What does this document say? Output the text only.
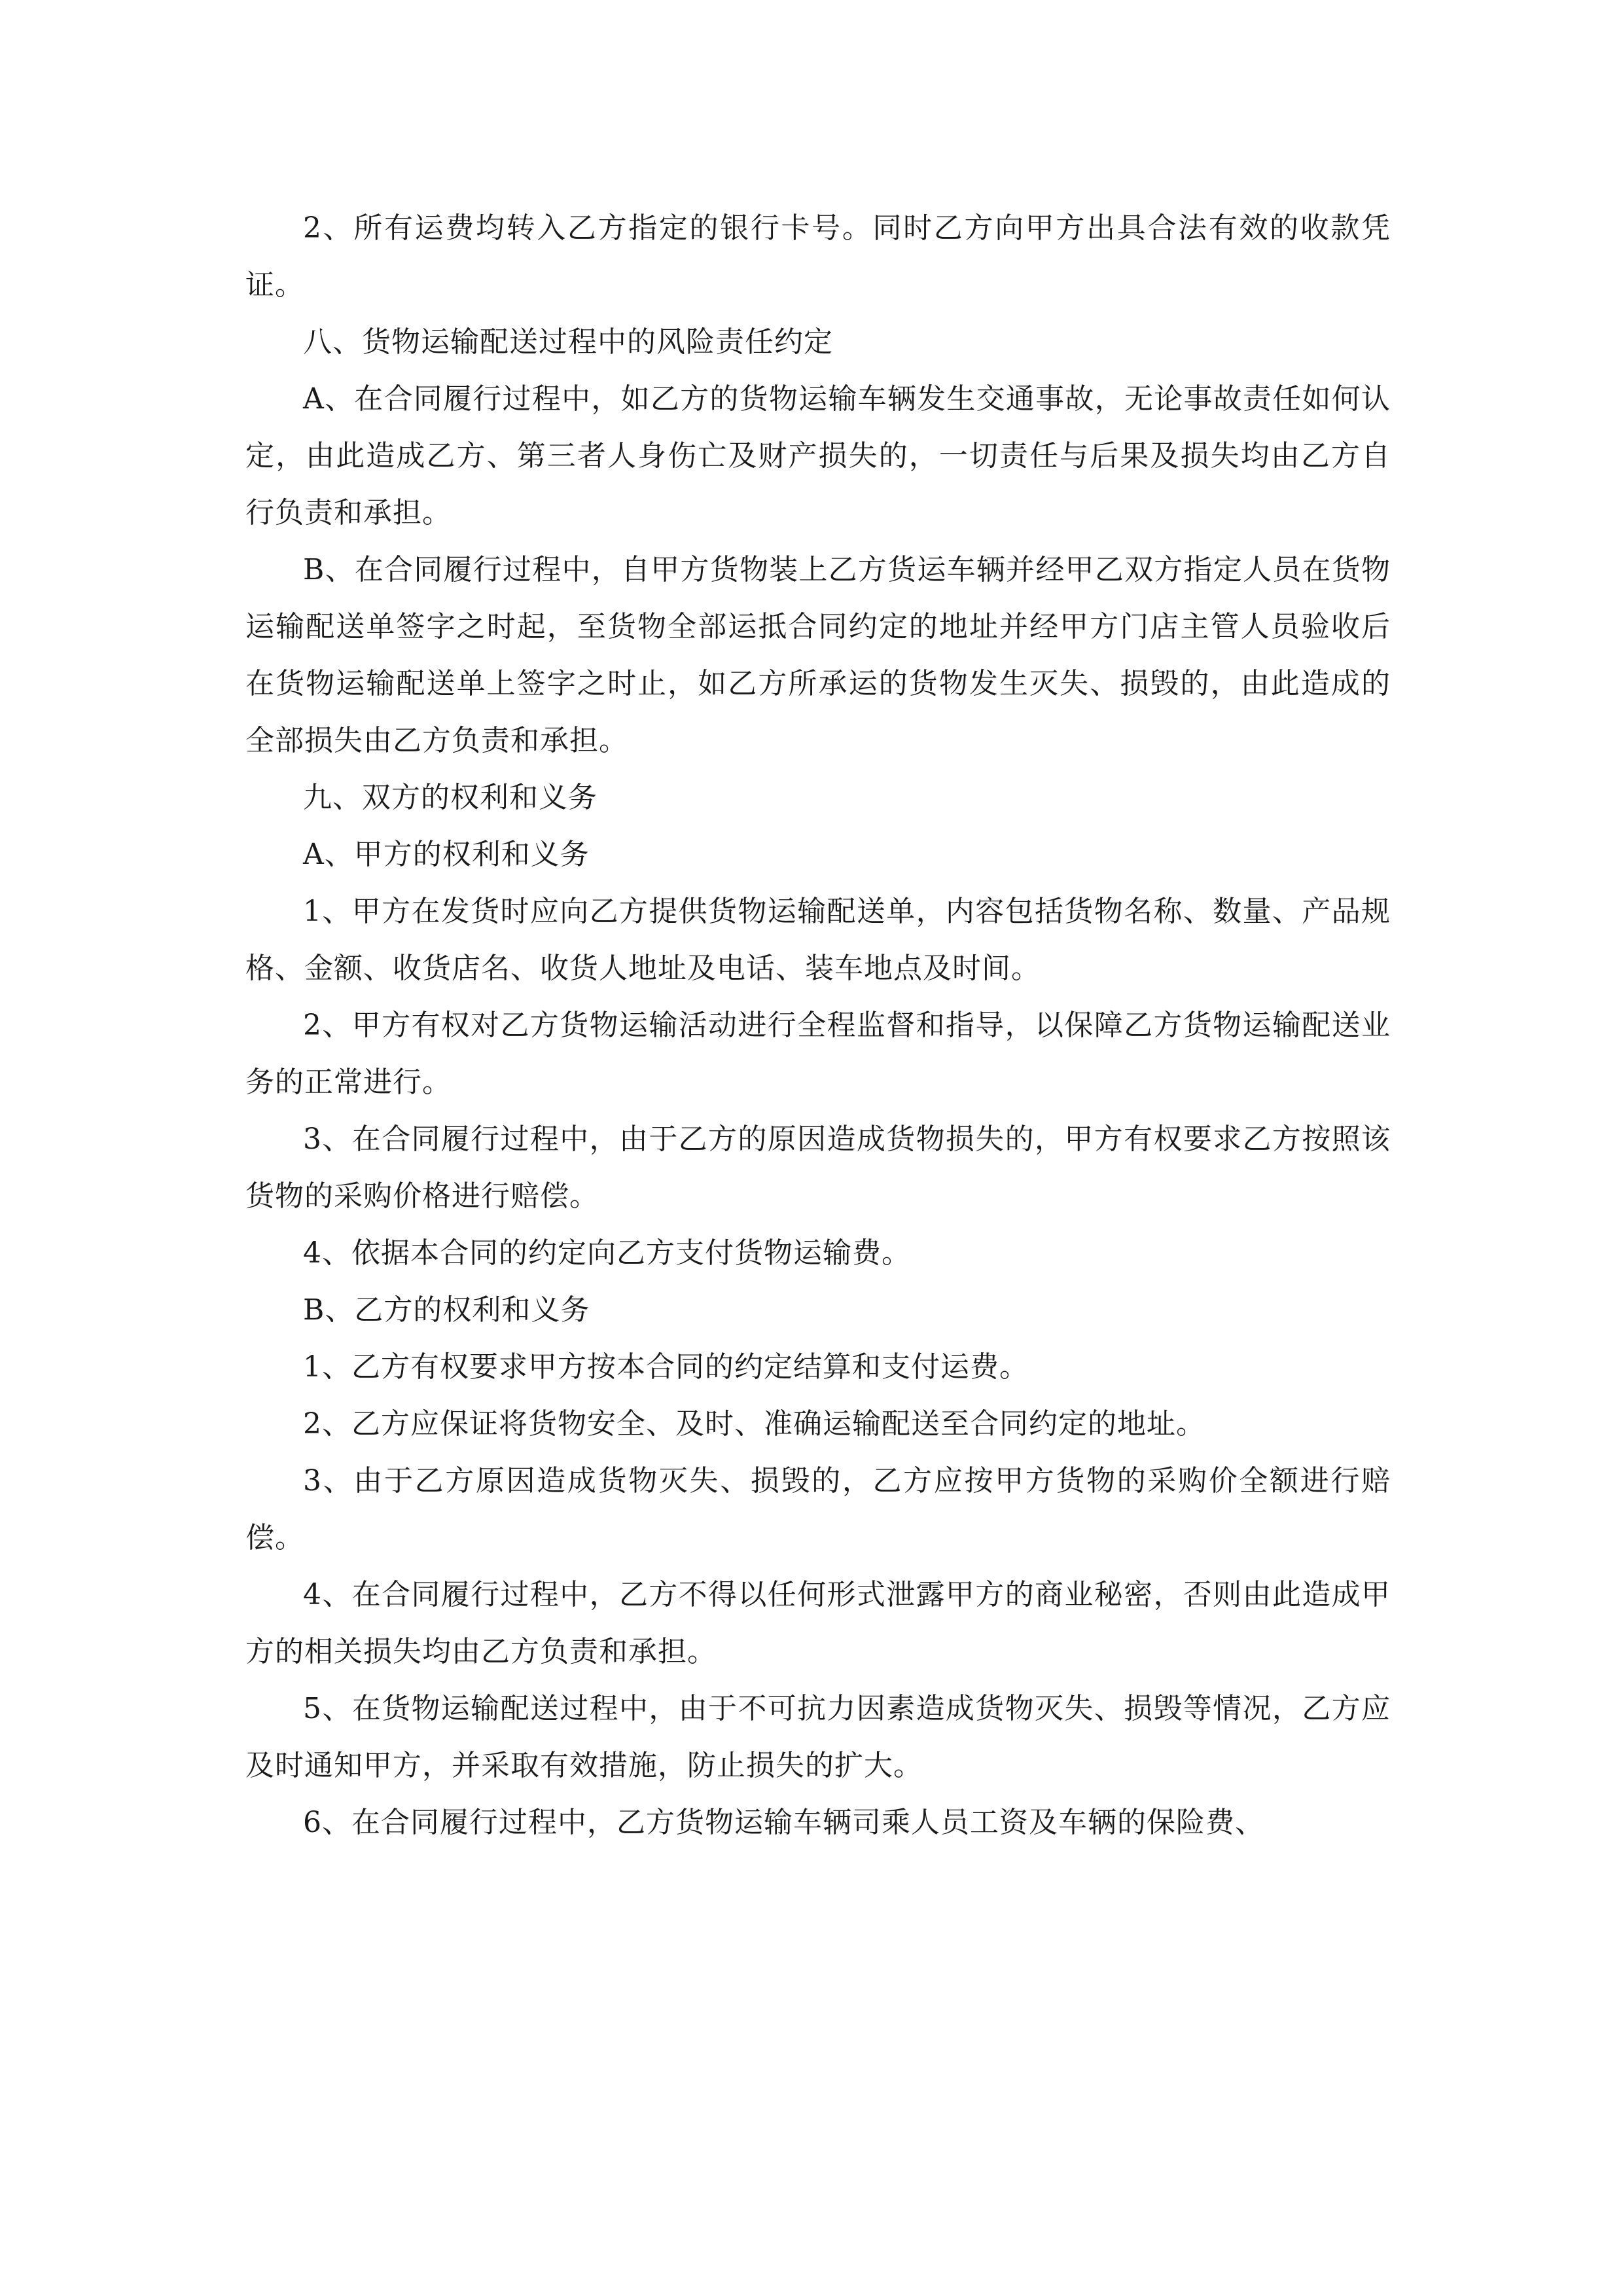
2、所有运费均转入乙方指定的银行卡号。同时乙方向甲方出具合法有效的收款凭证。

八、货物运输配送过程中的风险责任约定

A、在合同履行过程中，如乙方的货物运输车辆发生交通事故，无论事故责任如何认定，由此造成乙方、第三者人身伤亡及财产损失的，一切责任与后果及损失均由乙方自行负责和承担。

B、在合同履行过程中，自甲方货物装上乙方货运车辆并经甲乙双方指定人员在货物运输配送单签字之时起，至货物全部运抵合同约定的地址并经甲方门店主管人员验收后在货物运输配送单上签字之时止，如乙方所承运的货物发生灭失、损毁的，由此造成的全部损失由乙方负责和承担。

九、双方的权利和义务

A、甲方的权利和义务

1、甲方在发货时应向乙方提供货物运输配送单，内容包括货物名称、数量、产品规格、金额、收货店名、收货人地址及电话、装车地点及时间。

2、甲方有权对乙方货物运输活动进行全程监督和指导，以保障乙方货物运输配送业务的正常进行。

3、在合同履行过程中，由于乙方的原因造成货物损失的，甲方有权要求乙方按照该货物的采购价格进行赔偿。

4、依据本合同的约定向乙方支付货物运输费。

B、乙方的权利和义务

1、乙方有权要求甲方按本合同的约定结算和支付运费。

2、乙方应保证将货物安全、及时、准确运输配送至合同约定的地址。

3、由于乙方原因造成货物灭失、损毁的，乙方应按甲方货物的采购价全额进行赔偿。

4、在合同履行过程中，乙方不得以任何形式泄露甲方的商业秘密，否则由此造成甲方的相关损失均由乙方负责和承担。

5、在货物运输配送过程中，由于不可抗力因素造成货物灭失、损毁等情况，乙方应及时通知甲方，并采取有效措施，防止损失的扩大。

6、在合同履行过程中，乙方货物运输车辆司乘人员工资及车辆的保险费、
